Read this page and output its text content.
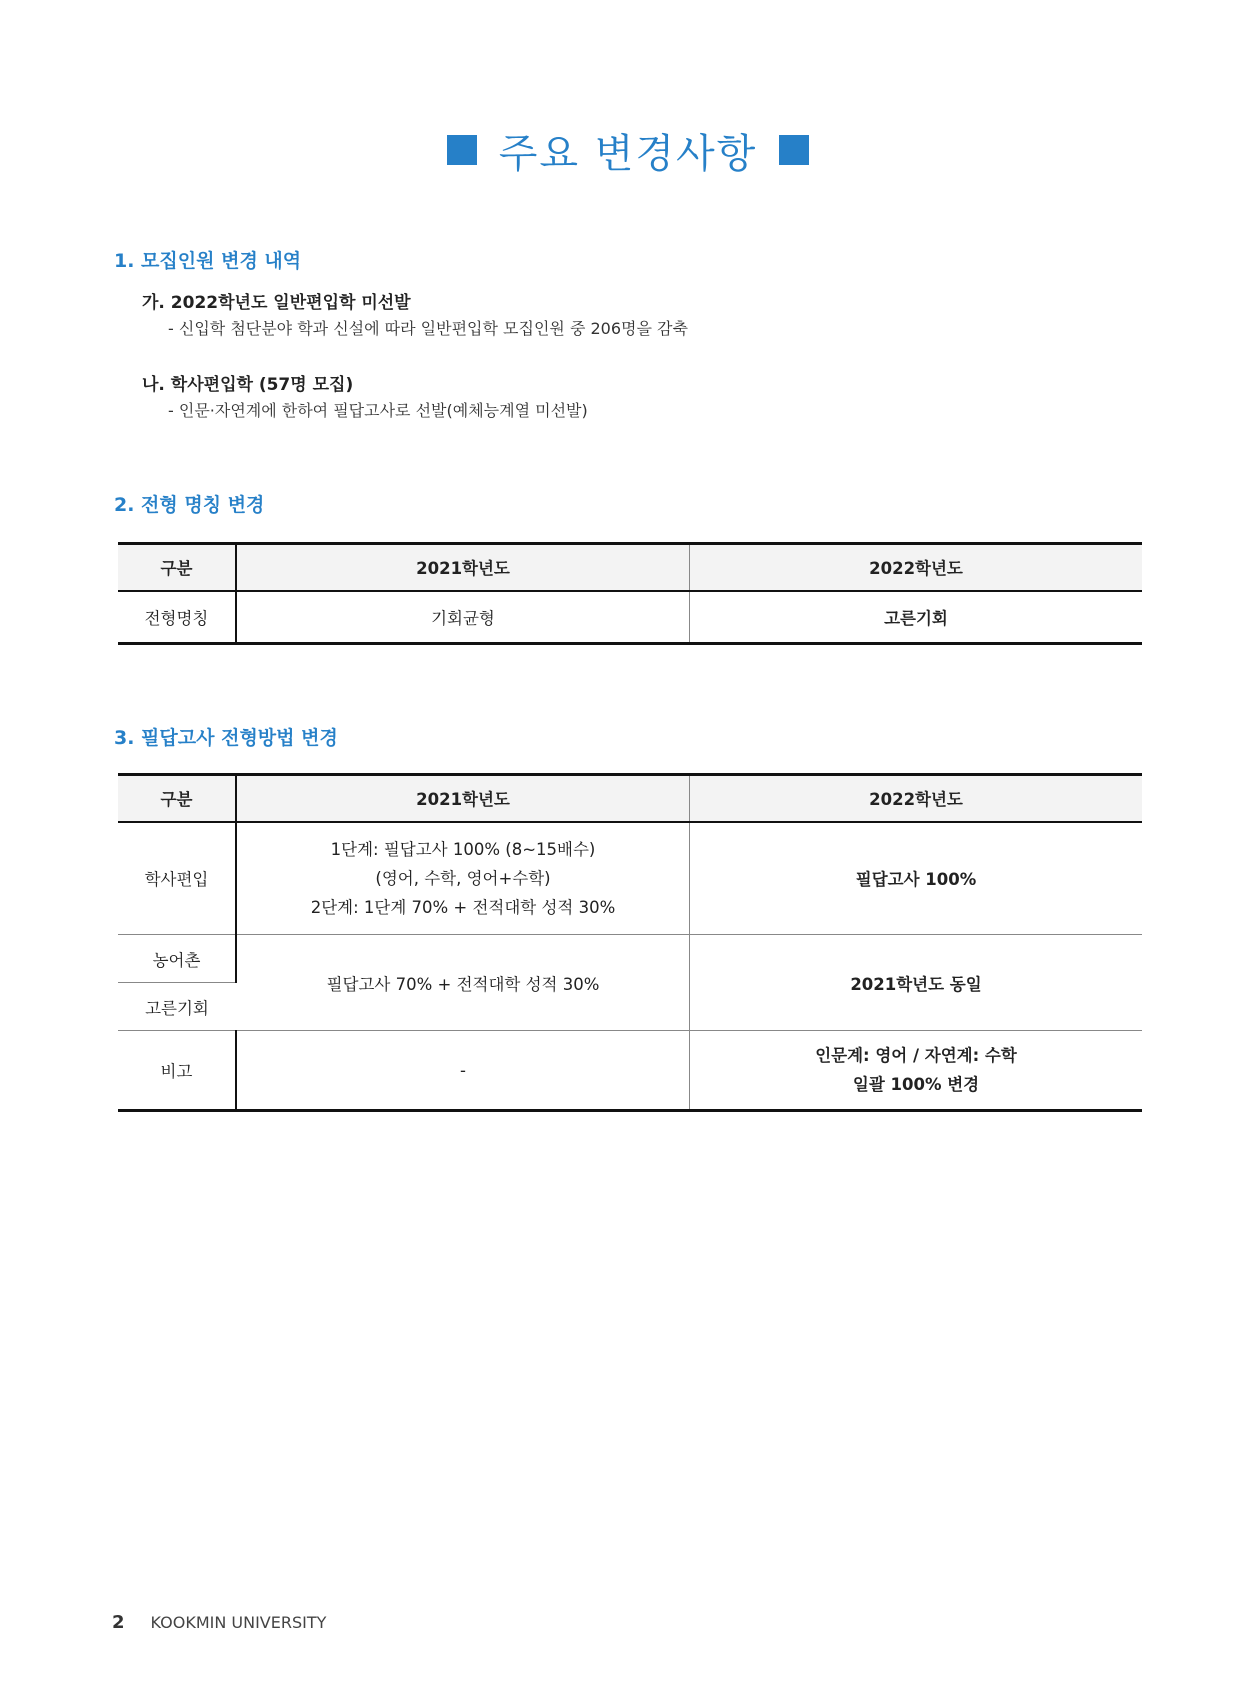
주요 변경사항
1. 모집인원 변경 내역
가. 2022학년도 일반편입학 미선발
- 신입학 첨단분야 학과 신설에 따라 일반편입학 모집인원 중 206명을 감축
나. 학사편입학 (57명 모집)
- 인문·자연계에 한하여 필답고사로 선발(예체능계열 미선발)
2. 전형 명칭 변경
구분	2021학년도	2022학년도
전형명칭	기회균형	고른기회
3. 필답고사 전형방법 변경
구분	2021학년도	2022학년도
학사편입	1단계: 필답고사 100% (8~15배수)
(영어, 수학, 영어+수학)
2단계: 1단계 70% + 전적대학 성적 30%	필답고사 100%
농어촌	필답고사 70% + 전적대학 성적 30%	2021학년도 동일
고른기회		
비고	-	인문계: 영어 / 자연계: 수학
일괄 100% 변경
2 KOOKMIN UNIVERSITY
